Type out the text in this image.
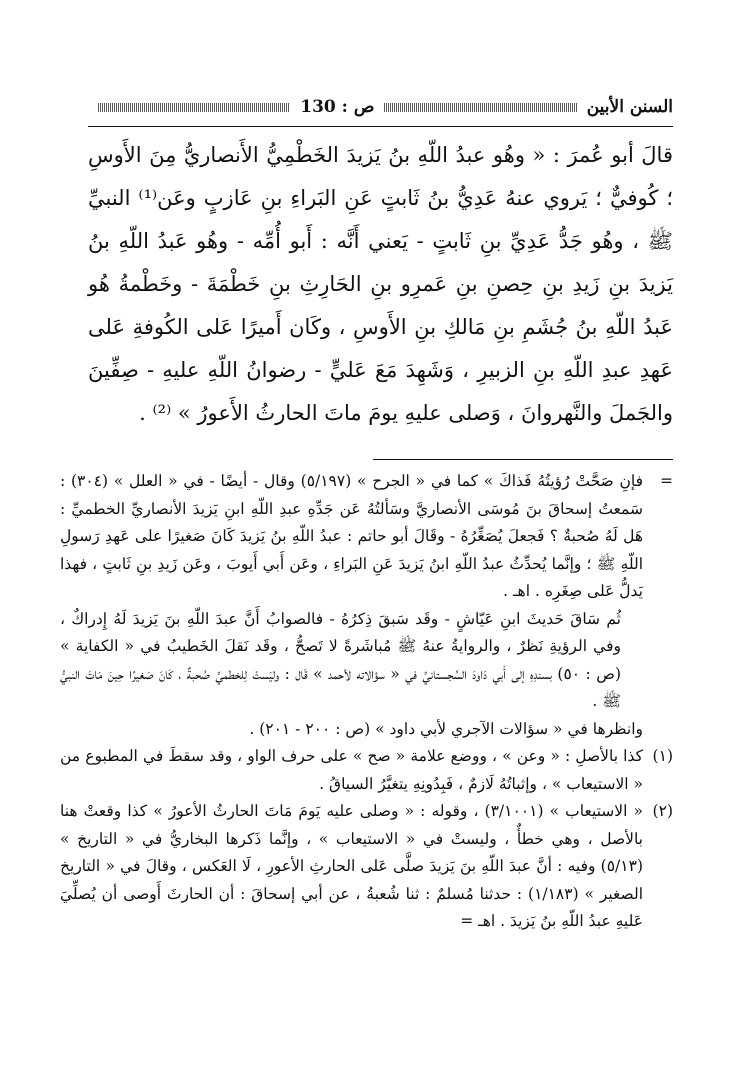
السنن الأبين
ص : 130

قالَ أبو عُمرَ : « وهُو عبدُ اللّهِ بنُ يَزيدَ الخَطْمِيُّ الأَنصاريُّ مِنَ الأَوسِ ؛ كُوفيٌّ ؛ يَروي عنهُ عَدِيُّ بنُ ثَابتٍ عَنِ البَراءِ بنِ عَازبٍ وعَن⁽¹⁾ النبيِّ ﷺ ، وهُو جَدُّ عَدِيِّ بنِ ثَابتٍ - يَعني أَنَّه : أَبو أُمِّه - وهُو عَبدُ اللّهِ بنُ يَزيدَ بنِ زَيدِ بنِ حِصنِ بنِ عَمرِو بنِ الحَارِثِ بنِ خَطْمَةَ - وخَطْمةُ هُو عَبدُ اللّهِ بنُ جُشَمِ بنِ مَالكِ بنِ الأَوسِ ، وكَان أَميرًا عَلى الكُوفةِ عَلى عَهدِ عبدِ اللّهِ بنِ الزبيرِ ، وَشَهِدَ مَعَ عَليٍّ - رضوانُ اللّهِ عليهِ - صِفِّينَ والجَملَ والنَّهروانَ ، وَصلى عليهِ يومَ ماتَ الحارثُ الأَعورُ » ⁽²⁾ .

=

فإنِ صَحَّتْ رُؤيتُهُ فَذاكَ » كما في « الجرح » (٥/١٩٧) وقال - أيضًا - في « العلل » (٣٠٤) : سَمعتُ إسحاقَ بنَ مُوسَى الأنصاريَّ وسَألتُهُ عَن جَدِّهِ عبدِ اللّهِ ابنِ يَزيدَ الأنصاريِّ الخطميِّ : هَل لَهُ صُحبةٌ ؟ فَجعلَ يُصَغِّرُهُ - وقَالَ أبو حاتم : عبدُ اللّهِ بنُ يَزيدَ كَانَ صَغيرًا على عَهدِ رَسولِ اللّهِ ﷺ ؛ وإنَّما يُحدِّثُ عبدُ اللّهِ ابنُ يَزيدَ عَنِ البَراءِ ، وعَن أَبي أَيوبَ ، وعَن زَيدِ بنِ ثَابتٍ ، فهذا يَدلُّ عَلى صِغَرِه . اهـ .

ثُم سَاقَ حَديثَ ابنِ عَيّاشٍ - وقَد سَبقَ ذِكرُهُ - فالصوابُ أَنَّ عبدَ اللّهِ بنَ يَزيدَ لَهُ إِدراكٌ ، وفي الرؤيةِ نَظرٌ ، والروايةُ عنهُ ﷺ مُباشَرةً لا تَصحُّ ، وقَد نَقلَ الخَطيبُ في « الكفاية » (ص : ٥٠) بسندِهِ إلى أَبي دَاودَ السِّجستانيِّ في « سؤالاته لأحمد » قَال : وليَستْ لِلخطميِّ صُحبةٌ ، كَانَ صَغيرًا حِينَ مَاتَ النبيُّ ﷺ .

وانظرها في « سؤالات الآجري لأبي داود » (ص : ٢٠٠ - ٢٠١) .

(١)

كذا بالأصلِ : « وعن » ، ووضع علامة « صح » على حرف الواو ، وقد سقطَ في المطبوع من « الاستيعاب » ، وإثباتُهُ لَازمٌ ، فَبِدُونِهِ يتغيَّرُ السياقُ .

(٢)

« الاستيعاب » (٣/١٠٠١) ، وقوله : « وصلى عليه يَومَ مَاتَ الحارثُ الأعورُ » كذا وقعتْ هنا بالأصل ، وهي خطأٌ ، وليستْ في « الاستيعاب » ، وإنَّما ذَكرها البخاريُّ في « التاريخ » (٥/١٣) وفيه : أنَّ عبدَ اللّهِ بنَ يَزيدَ صلَّى عَلى الحارثِ الأعورِ ، لَا العَكس ، وقالَ في « التاريخ الصغير » (١/١٨٣) : حدثنا مُسلمٌ : ثنا شُعبةُ ، عن أبي إسحاقَ : أن الحارثَ أَوصى أن يُصلِّيَ عَليهِ عبدُ اللّهِ بنُ يَزيدَ . اهـ =
